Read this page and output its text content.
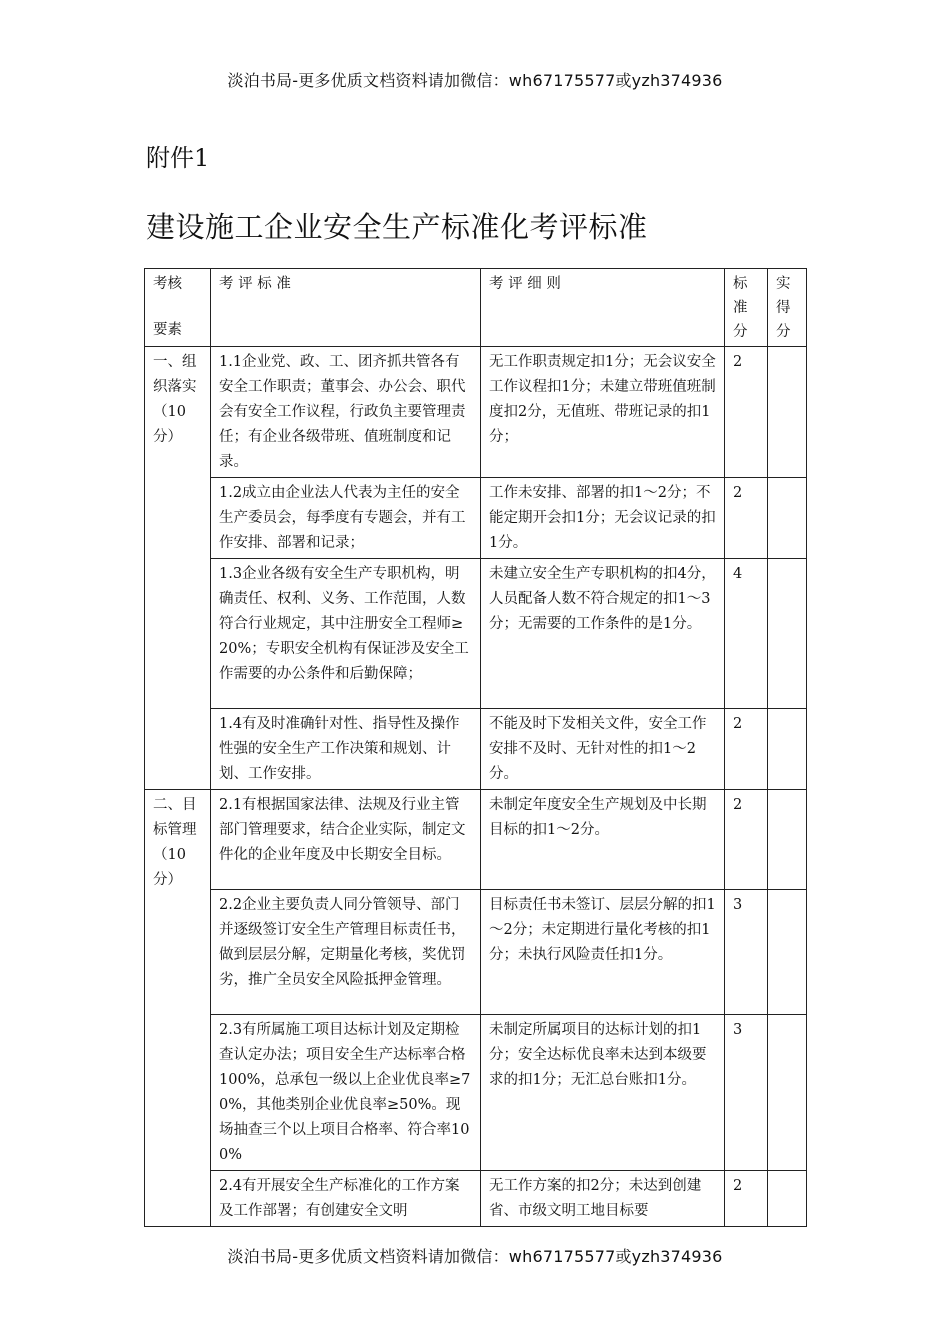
淡泊书局-更多优质文档资料请加微信：wh67175577或yzh374936
附件1
建设施工企业安全生产标准化考评标准
考核
要素	考 评 标 准	考 评 细 则	标准分	实得分
一、组织落实（10分）	1.1企业党、政、工、团齐抓共管各有安全工作职责；董事会、办公会、职代会有安全工作议程，行政负主要管理责任；有企业各级带班、值班制度和记录。	无工作职责规定扣1分；无会议安全工作议程扣1分；未建立带班值班制度扣2分，无值班、带班记录的扣1分；	2	
	1.2成立由企业法人代表为主任的安全生产委员会，每季度有专题会，并有工作安排、部署和记录；	工作未安排、部署的扣1～2分；不能定期开会扣1分；无会议记录的扣1分。	2	
	1.3企业各级有安全生产专职机构，明确责任、权利、义务、工作范围，人数符合行业规定，其中注册安全工程师≥20%；专职安全机构有保证涉及安全工作需要的办公条件和后勤保障；	未建立安全生产专职机构的扣4分，人员配备人数不符合规定的扣1～3分；无需要的工作条件的是1分。	4	
	1.4有及时准确针对性、指导性及操作性强的安全生产工作决策和规划、计划、工作安排。	不能及时下发相关文件，安全工作安排不及时、无针对性的扣1～2分。	2	
二、目标管理（10分）	2.1有根据国家法律、法规及行业主管部门管理要求，结合企业实际，制定文件化的企业年度及中长期安全目标。	未制定年度安全生产规划及中长期目标的扣1～2分。	2	
	2.2企业主要负责人同分管领导、部门并逐级签订安全生产管理目标责任书，做到层层分解，定期量化考核，奖优罚劣，推广全员安全风险抵押金管理。	目标责任书未签订、层层分解的扣1～2分；未定期进行量化考核的扣1分；未执行风险责任扣1分。	3	
	2.3有所属施工项目达标计划及定期检查认定办法；项目安全生产达标率合格100%，总承包一级以上企业优良率≥70%，其他类别企业优良率≥50%。现场抽查三个以上项目合格率、符合率100%	未制定所属项目的达标计划的扣1分；安全达标优良率未达到本级要求的扣1分；无汇总台账扣1分。	3	
	2.4有开展安全生产标准化的工作方案及工作部署；有创建安全文明	无工作方案的扣2分；未达到创建省、市级文明工地目标要	2	
淡泊书局-更多优质文档资料请加微信：wh67175577或yzh374936
